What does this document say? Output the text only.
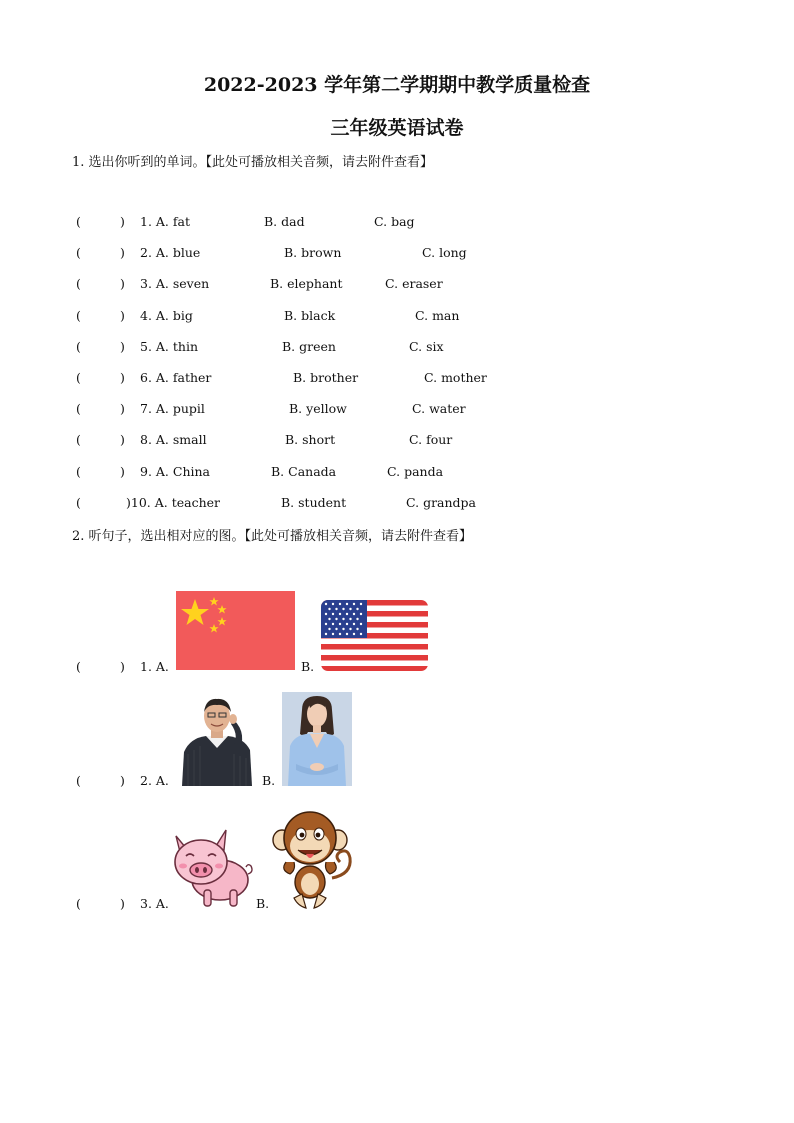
2022-2023 学年第二学期期中教学质量检查
三年级英语试卷
1. 选出你听到的单词。【此处可播放相关音频，请去附件查看】
(	) 1. A. fat	B. dad	C. bag
(	) 2. A. blue	B. brown	C. long
(	) 3. A. seven	B. elephant	C. eraser
(	) 4. A. big	B. black	C. man
(	) 5. A. thin	B. green	C. six
(	) 6. A. father	B. brother	C. mother
(	) 7. A. pupil	B. yellow	C. water
(	) 8. A. small	B. short	C. four
(	) 9. A. China	B. Canada	C. panda
(	)10. A. teacher	B. student	C. grandpa
2. 听句子，选出相对应的图。【此处可播放相关音频，请去附件查看】
(	) 1. A.	B.
(	) 2. A.	B.
(	) 3. A.	B.
